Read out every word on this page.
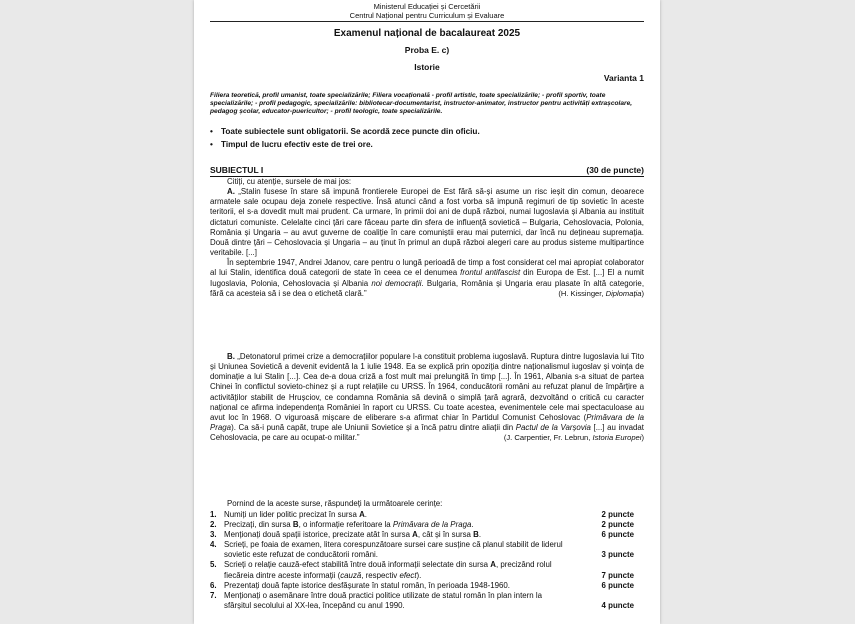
Ministerul Educației și Cercetării
Centrul Național pentru Curriculum și Evaluare
Examenul național de bacalaureat 2025
Proba E. c)
Istorie
Varianta 1
Filiera teoretică, profil umanist, toate specializările; Filiera vocațională - profil artistic, toate specializările; - profil sportiv, toate specializările; - profil pedagogic, specializările: bibliotecar-documentarist, instructor-animator, instructor pentru activități extrașcolare, pedagog școlar, educator-puericultor; - profil teologic, toate specializările.
• Toate subiectele sunt obligatorii. Se acordă zece puncte din oficiu.
• Timpul de lucru efectiv este de trei ore.
SUBIECTUL I	(30 de puncte)
Citiți, cu atenție, sursele de mai jos:
A. „Stalin fusese în stare să impună frontierele Europei de Est fără să-și asume un risc ieșit din comun, deoarece armatele sale ocupau deja zonele respective. Însă atunci când a fost vorba să impună regimuri de tip sovietic în aceste teritorii, el s-a dovedit mult mai prudent. Ca urmare, în primii doi ani de după război, numai Iugoslavia și Albania au instituit dictaturi comuniste. Celelalte cinci țări care făceau parte din sfera de influență sovietică – Bulgaria, Cehoslovacia, Polonia, România și Ungaria – au avut guverne de coaliție în care comuniștii erau mai puternici, dar încă nu dețineau supremația. Două dintre țări – Cehoslovacia și Ungaria – au ținut în primul an după război alegeri care au produs sisteme multipartince veritabile. [...]
În septembrie 1947, Andrei Jdanov, care pentru o lungă perioadă de timp a fost considerat cel mai apropiat colaborator al lui Stalin, identifica două categorii de state în ceea ce el denumea frontul antifascist din Europa de Est. [...] El a numit Iugoslavia, Polonia, Cehoslovacia și Albania noi democrații. Bulgaria, România și Ungaria erau plasate în altă categorie, fără ca acesteia să i se dea o etichetă clară.”	(H. Kissinger, Diplomația)
B. „Detonatorul primei crize a democrațiilor populare l-a constituit problema iugoslavă. Ruptura dintre Iugoslavia lui Tito și Uniunea Sovietică a devenit evidentă la 1 iulie 1948. Ea se explică prin opoziția dintre naționalismul iugoslav și voința de dominație a lui Stalin [...]. Cea de-a doua criză a fost mult mai prelungită în timp [...]. În 1961, Albania s-a situat de partea Chinei în conflictul sovieto-chinez și a rupt relațiile cu URSS. În 1964, conducătorii români au refuzat planul de împărțire a activităților stabilit de Hrușciov, ce condamna România să devină o simplă țară agrară, dezvoltând o critică cu caracter național ce afirma independența României în raport cu URSS. Cu toate acestea, evenimentele cele mai spectaculoase au avut loc în 1968. O viguroasă mișcare de eliberare s-a afirmat chiar în Partidul Comunist Cehoslovac (Primăvara de la Praga). Ca să-i pună capăt, trupe ale Uniunii Sovietice și a încă patru dintre aliații din Pactul de la Varșovia [...] au invadat Cehoslovacia, pe care au ocupat-o militar.”	(J. Carpentier, Fr. Lebrun, Istoria Europei)
Pornind de la aceste surse, răspundeți la următoarele cerințe:
1. Numiți un lider politic precizat în sursa A.	2 puncte
2. Precizați, din sursa B, o informație referitoare la Primăvara de la Praga.	2 puncte
3. Menționați două spații istorice, precizate atât în sursa A, cât și în sursa B.	6 puncte
4. Scrieți, pe foaia de examen, litera corespunzătoare sursei care susține că planul stabilit de liderul
sovietic este refuzat de conducătorii români.	3 puncte
5. Scrieți o relație cauză-efect stabilită între două informații selectate din sursa A, precizând rolul
fiecăreia dintre aceste informații (cauză, respectiv efect).	7 puncte
6. Prezentați două fapte istorice desfășurate în statul român, în perioada 1948-1960.	6 puncte
7. Menționați o asemănare între două practici politice utilizate de statul român în plan intern la
sfârșitul secolului al XX-lea, începând cu anul 1990.	4 puncte
